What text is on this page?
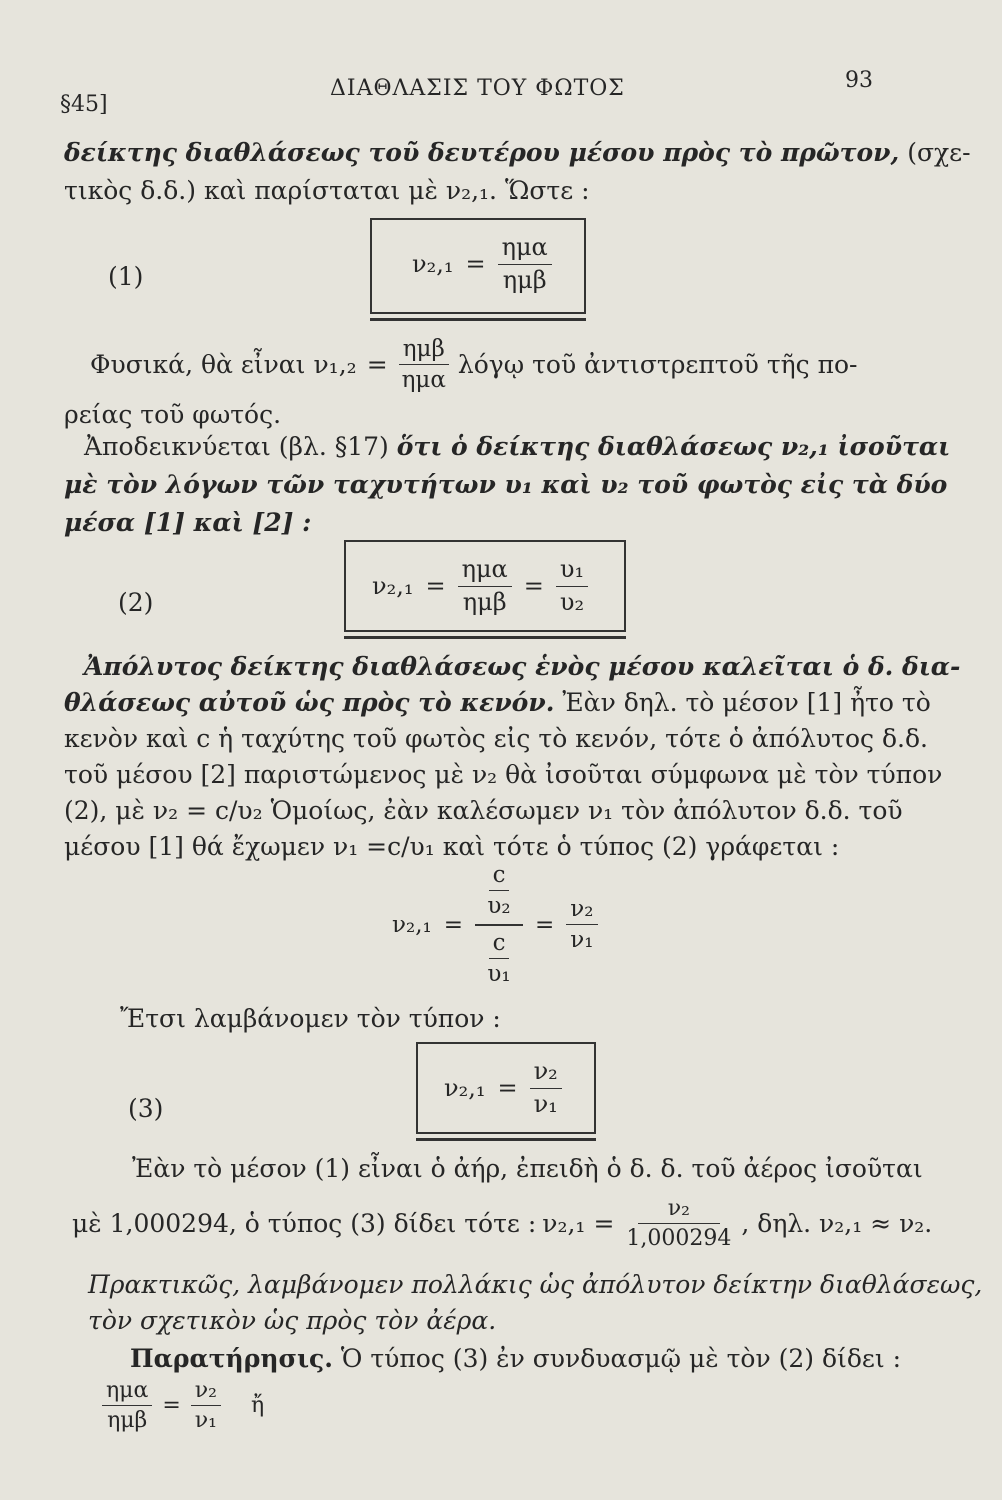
§45]
ΔΙΑΘΛΑΣΙΣ ΤΟΥ ΦΩΤΟΣ	93
δείκτης διαθλάσεως τοῦ δευτέρου μέσου πρὸς τὸ πρῶτον, (σχε-
τικὸς δ.δ.) καὶ παρίσταται μὲ ν₂,₁. Ὥστε :
(1)	$\nu_2,_1 = \frac{\text{ημα}}{\text{ημβ}}$
Φυσικά, θὰ εἶναι $\nu_1,_2 = \frac{\text{ημβ}}{\text{ημα}}$ λόγῳ τοῦ ἀντιστρεπτοῦ τῆς πο-
ρείας τοῦ φωτός.
Ἀποδεικνύεται (βλ. §17) ὅτι ὁ δείκτης διαθλάσεως ν₂,₁ ἰσοῦται
μὲ τὸν λόγων τῶν ταχυτήτων υ₁ καὶ υ₂ τοῦ φωτὸς εἰς τὰ δύο
μέσα [1] καὶ [2] :
(2)
$\nu_2,_1 = \frac{\text{ημα}}{\text{ημβ}} = \frac{\text{υ₁}}{\text{υ₂}}$
Ἀπόλυτος δείκτης διαθλάσεως ἑνὸς μέσου καλεῖται ὁ δ. δια-
θλάσεως αὐτοῦ ὡς πρὸς τὸ κενόν. Ἐὰν δηλ. τὸ μέσον [1] ἦτο τὸ
κενὸν καὶ c ἡ ταχύτης τοῦ φωτὸς εἰς τὸ κενόν, τότε ὁ ἀπόλυτος δ.δ.
τοῦ μέσου [2] παριστώμενος μὲ ν₂ θὰ ἰσοῦται σύμφωνα μὲ τὸν τύπον
(2), μὲ ν₂ = c/υ₂ Ὁμοίως, ἐὰν καλέσωμεν ν₁ τὸν ἀπόλυτον δ.δ. τοῦ
μέσου [1] θά ἔχωμεν ν₁ =c/υ₁ καὶ τότε ὁ τύπος (2) γράφεται :
ν₂,₁ =
$\frac{c}{\text{υ₂}}$
$\frac{c}{\text{υ₁}}$
= $\frac{\text{ν₂}}{\text{ν₁}}$
Ἔτσι λαμβάνομεν τὸν τύπον :
(3)
$\nu_2,_1 = \frac{\text{ν₂}}{\text{ν₁}}$
Ἐὰν τὸ μέσον (1) εἶναι ὁ ἀήρ, ἐπειδὴ ὁ δ. δ. τοῦ ἀέρος ἰσοῦται
μὲ 1,000294, ὁ τύπος (3) δίδει τότε : $\nu_2,_1 = \frac{\text{ν₂}}{1,000294}$ , δηλ. ν₂,₁ ≈ ν₂.
Πρακτικῶς, λαμβάνομεν πολλάκις ὡς ἀπόλυτον δείκτην διαθλάσεως,
τὸν σχετικὸν ὡς πρὸς τὸν ἀέρα.
Παρατήρησις. Ὁ τύπος (3) ἐν συνδυασμῷ μὲ τὸν (2) δίδει :
$\frac{\text{ημα}}{\text{ημβ}} = \frac{\text{ν₂}}{\text{ν₁}}$ ἤ
